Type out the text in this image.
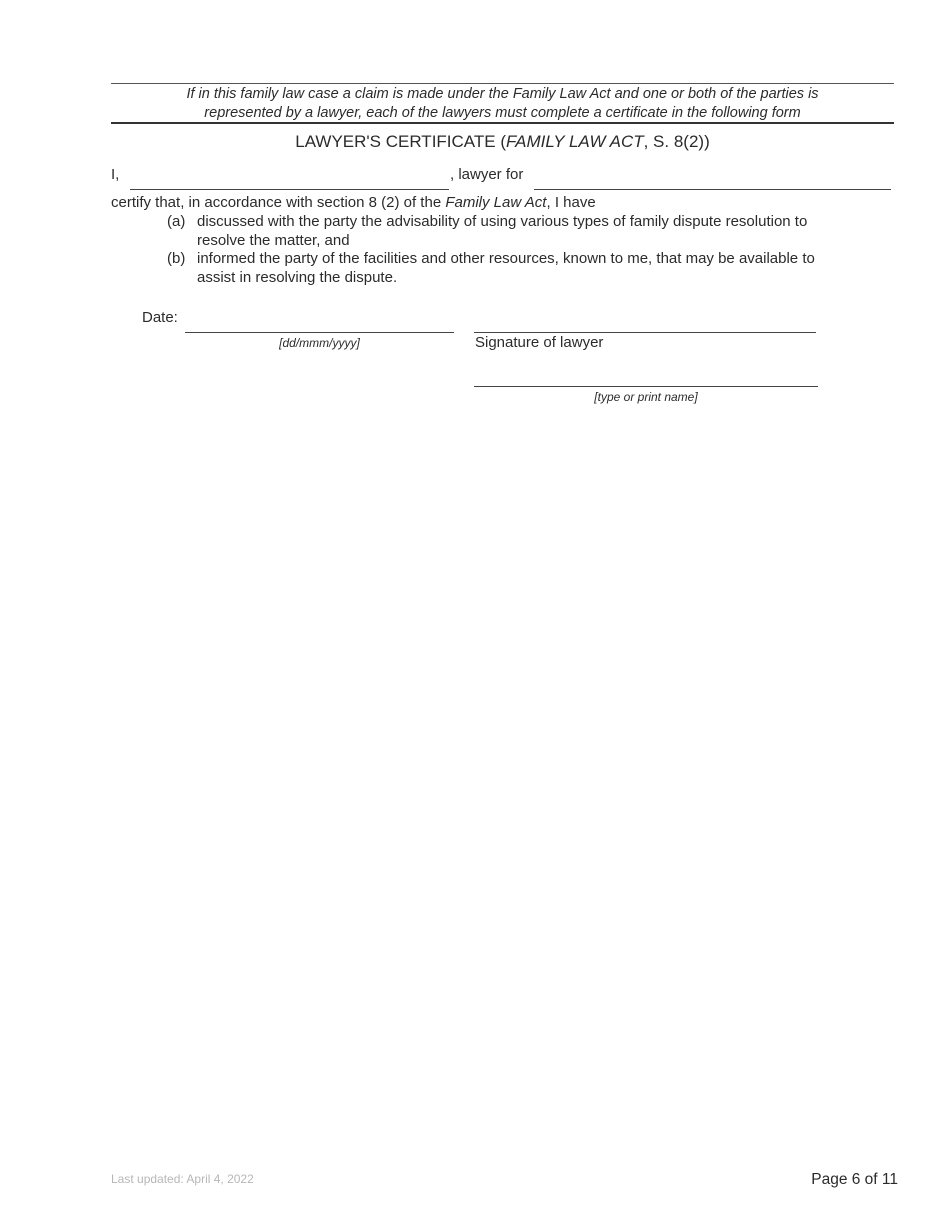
If in this family law case a claim is made under the Family Law Act and one or both of the parties is
represented by a lawyer, each of the lawyers must complete a certificate in the following form
LAWYER'S CERTIFICATE (FAMILY LAW ACT, S. 8(2))
I,	, lawyer for
certify that, in accordance with section 8 (2) of the Family Law Act, I have
(a) discussed with the party the advisability of using various types of family dispute resolution to
resolve the matter, and
(b) informed the party of the facilities and other resources, known to me, that may be available to
assist in resolving the dispute.
Date:
[dd/mmm/yyyy]	Signature of lawyer
[type or print name]
Last updated: April 4, 2022	Page 6 of 11
